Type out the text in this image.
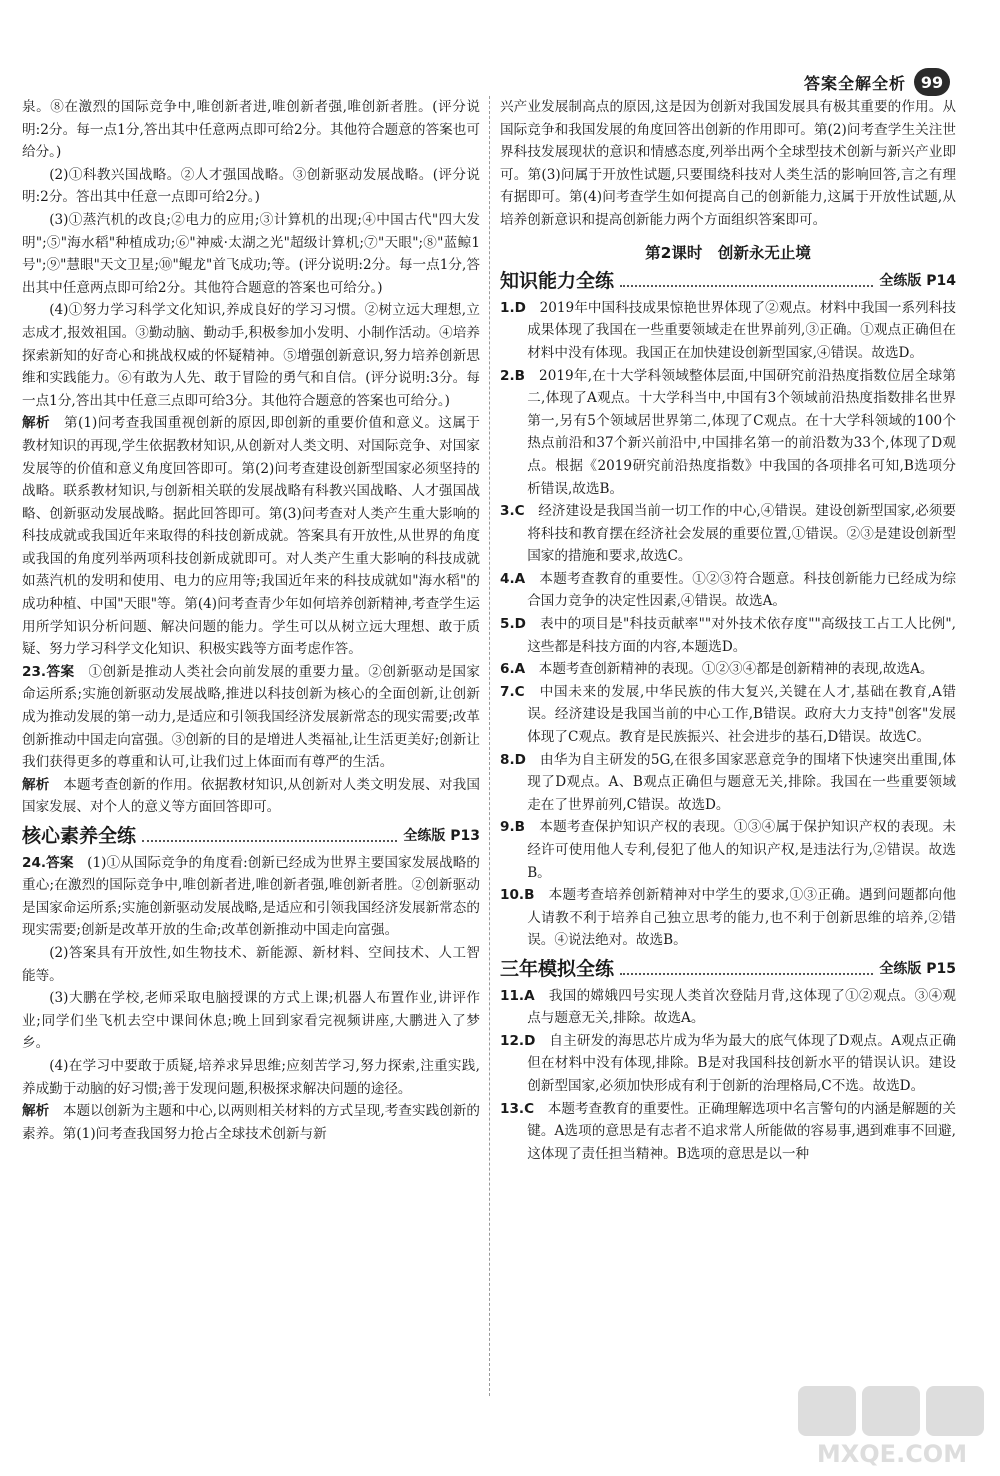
答案全解全析 99

泉。⑧在激烈的国际竞争中,唯创新者进,唯创新者强,唯创新者胜。(评分说明:2分。每一点1分,答出其中任意两点即可给2分。其他符合题意的答案也可给分。)

(2)①科教兴国战略。②人才强国战略。③创新驱动发展战略。(评分说明:2分。答出其中任意一点即可给2分。)

(3)①蒸汽机的改良;②电力的应用;③计算机的出现;④中国古代"四大发明";⑤"海水稻"种植成功;⑥"神威·太湖之光"超级计算机;⑦"天眼";⑧"蓝鲸1号";⑨"慧眼"天文卫星;⑩"鲲龙"首飞成功;等。(评分说明:2分。每一点1分,答出其中任意两点即可给2分。其他符合题意的答案也可给分。)

(4)①努力学习科学文化知识,养成良好的学习习惯。②树立远大理想,立志成才,报效祖国。③勤动脑、勤动手,积极参加小发明、小制作活动。④培养探索新知的好奇心和挑战权威的怀疑精神。⑤增强创新意识,努力培养创新思维和实践能力。⑥有敢为人先、敢于冒险的勇气和自信。(评分说明:3分。每一点1分,答出其中任意三点即可给3分。其他符合题意的答案也可给分。)

解析　 第(1)问考查我国重视创新的原因,即创新的重要价值和意义。这属于教材知识的再现,学生依据教材知识,从创新对人类文明、对国际竞争、对国家发展等的价值和意义角度回答即可。第(2)问考查建设创新型国家必须坚持的战略。联系教材知识,与创新相关联的发展战略有科教兴国战略、人才强国战略、创新驱动发展战略。据此回答即可。第(3)问考查对人类产生重大影响的科技成就或我国近年来取得的科技创新成就。答案具有开放性,从世界的角度或我国的角度列举两项科技创新成就即可。对人类产生重大影响的科技成就如蒸汽机的发明和使用、电力的应用等;我国近年来的科技成就如"海水稻"的成功种植、中国"天眼"等。第(4)问考查青少年如何培养创新精神,考查学生运用所学知识分析问题、解决问题的能力。学生可以从树立远大理想、敢于质疑、努力学习科学文化知识、积极实践等方面考虑作答。

23.答案　 ①创新是推动人类社会向前发展的重要力量。②创新驱动是国家命运所系;实施创新驱动发展战略,推进以科技创新为核心的全面创新,让创新成为推动发展的第一动力,是适应和引领我国经济发展新常态的现实需要;改革创新推动中国走向富强。③创新的目的是增进人类福祉,让生活更美好;创新让我们获得更多的尊重和认可,让我们过上体面而有尊严的生活。

解析　 本题考查创新的作用。依据教材知识,从创新对人类文明发展、对我国国家发展、对个人的意义等方面回答即可。

核心素养全练	全练版 P13

24.答案　 (1)①从国际竞争的角度看:创新已经成为世界主要国家发展战略的重心;在激烈的国际竞争中,唯创新者进,唯创新者强,唯创新者胜。②创新驱动是国家命运所系;实施创新驱动发展战略,是适应和引领我国经济发展新常态的现实需要;创新是改革开放的生命;改革创新推动中国走向富强。

(2)答案具有开放性,如生物技术、新能源、新材料、空间技术、人工智能等。

(3)大鹏在学校,老师采取电脑授课的方式上课;机器人布置作业,讲评作业;同学们坐飞机去空中课间休息;晚上回到家看完视频讲座,大鹏进入了梦乡。

(4)在学习中要敢于质疑,培养求异思维;应刻苦学习,努力探索,注重实践,养成勤于动脑的好习惯;善于发现问题,积极探求解决问题的途径。

解析　 本题以创新为主题和中心,以两则相关材料的方式呈现,考查实践创新的素养。第(1)问考查我国努力抢占全球技术创新与新

兴产业发展制高点的原因,这是因为创新对我国发展具有极其重要的作用。从国际竞争和我国发展的角度回答出创新的作用即可。第(2)问考查学生关注世界科技发展现状的意识和情感态度,列举出两个全球型技术创新与新兴产业即可。第(3)问属于开放性试题,只要围绕科技对人类生活的影响回答,言之有理有据即可。第(4)问考查学生如何提高自己的创新能力,这属于开放性试题,从培养创新意识和提高创新能力两个方面组织答案即可。

第2课时　创新永无止境
知识能力全练	全练版 P14

1.D　 2019年中国科技成果惊艳世界体现了②观点。材料中我国一系列科技成果体现了我国在一些重要领域走在世界前列,③正确。①观点正确但在材料中没有体现。我国正在加快建设创新型国家,④错误。故选D。

2.B　 2019年,在十大学科领域整体层面,中国研究前沿热度指数位居全球第二,体现了A观点。十大学科当中,中国有3个领域前沿热度指数排名世界第一,另有5个领域居世界第二,体现了C观点。在十大学科领域的100个热点前沿和37个新兴前沿中,中国排名第一的前沿数为33个,体现了D观点。根据《2019研究前沿热度指数》中我国的各项排名可知,B选项分析错误,故选B。

3.C　 经济建设是我国当前一切工作的中心,④错误。建设创新型国家,必须要将科技和教育摆在经济社会发展的重要位置,①错误。②③是建设创新型国家的措施和要求,故选C。

4.A　 本题考查教育的重要性。①②③符合题意。科技创新能力已经成为综合国力竞争的决定性因素,④错误。故选A。

5.D　 表中的项目是"科技贡献率""对外技术依存度""高级技工占工人比例",这些都是科技方面的内容,本题选D。

6.A　 本题考查创新精神的表现。①②③④都是创新精神的表现,故选A。

7.C　 中国未来的发展,中华民族的伟大复兴,关键在人才,基础在教育,A错误。经济建设是我国当前的中心工作,B错误。政府大力支持"创客"发展体现了C观点。教育是民族振兴、社会进步的基石,D错误。故选C。

8.D　 由华为自主研发的5G,在很多国家恶意竞争的围堵下快速突出重围,体现了D观点。A、B观点正确但与题意无关,排除。我国在一些重要领域走在了世界前列,C错误。故选D。

9.B　 本题考查保护知识产权的表现。①③④属于保护知识产权的表现。未经许可使用他人专利,侵犯了他人的知识产权,是违法行为,②错误。故选B。

10.B　 本题考查培养创新精神对中学生的要求,①③正确。遇到问题都向他人请教不利于培养自己独立思考的能力,也不利于创新思维的培养,②错误。④说法绝对。故选B。

三年模拟全练	全练版 P15

11.A　 我国的嫦娥四号实现人类首次登陆月背,这体现了①②观点。③④观点与题意无关,排除。故选A。

12.D　 自主研发的海思芯片成为华为最大的底气体现了D观点。A观点正确但在材料中没有体现,排除。B是对我国科技创新水平的错误认识。建设创新型国家,必须加快形成有利于创新的治理格局,C不选。故选D。

13.C　 本题考查教育的重要性。正确理解选项中名言警句的内涵是解题的关键。A选项的意思是有志者不追求常人所能做的容易事,遇到难事不回避,这体现了责任担当精神。B选项的意思是以一种

MXQE.COM
